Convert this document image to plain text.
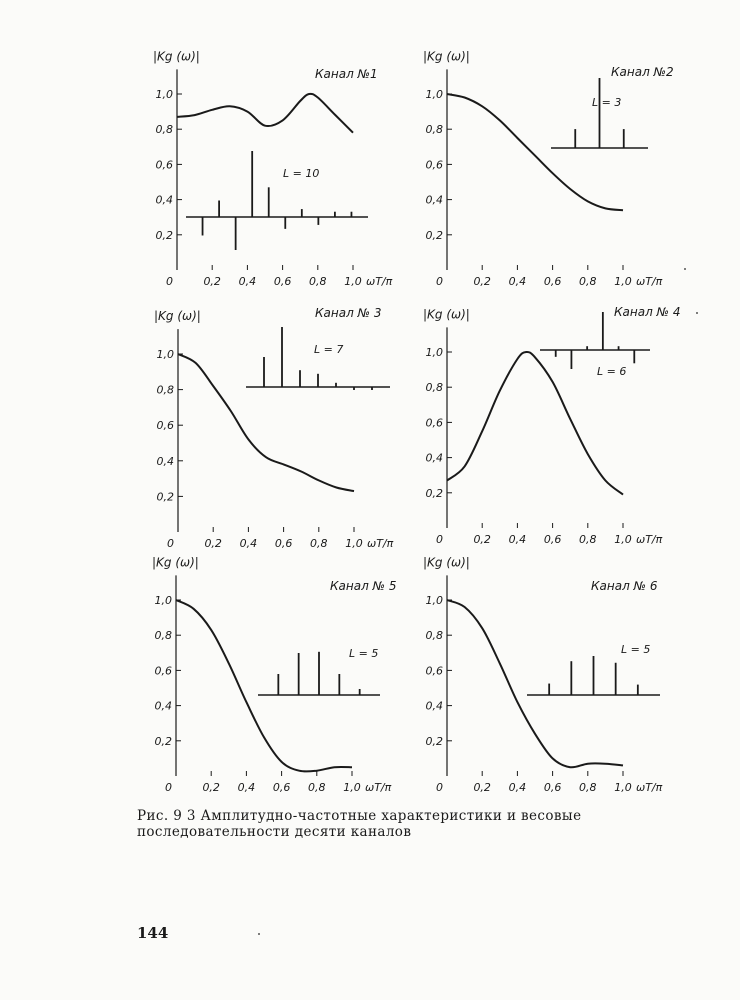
0,2
0,4
0,6
0,8
1,0
0	0,2 0,4 0,6 0,8 1,0 ωT/π
|Kg (ω)|
Канал №1
L = 10
0,2
0,4
0,6
0,8
1,0
0	0,2 0,4 0,6 0,8 1,0 ωT/π
|Kg (ω)|
Канал №2
L = 3
0,2
0,4
0,6
0,8
1,0
0	0,2 0,4 0,6 0,8 1,0 ωT/π
|Kg (ω)|	Канал № 3
L = 7
0,2
0,4
0,6
0,8
1,0
0	0,2 0,4 0,6 0,8 1,0 ωT/π
|Kg (ω)|	Канал № 4
L = 6
0,2
0,4
0,6
0,8
1,0
0	0,2 0,4 0,6 0,8 1,0 ωT/π
|Kg (ω)|
Канал № 5
L = 5
0,2
0,4
0,6
0,8
1,0
0	0,2 0,4 0,6 0,8 1,0 ωT/π
|Kg (ω)|
Канал № 6
L = 5
Рис. 9 3 Амплитудно-частотные характеристики и весовые последовательности десяти каналов
144
